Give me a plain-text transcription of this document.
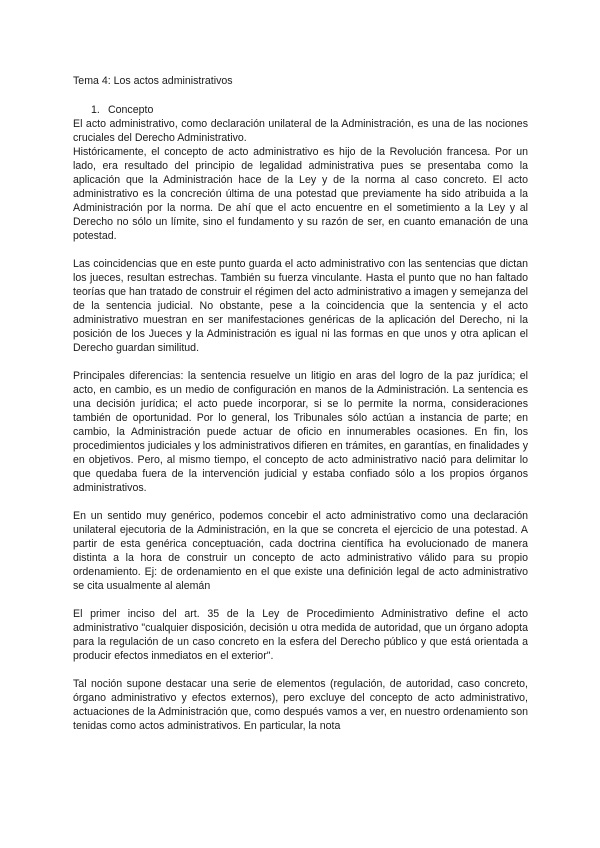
Tema 4: Los actos administrativos
1. Concepto

El acto administrativo, como declaración unilateral de la Administración, es una de las nociones cruciales del Derecho Administrativo.

Históricamente, el concepto de acto administrativo es hijo de la Revolución francesa. Por un lado, era resultado del principio de legalidad administrativa pues se presentaba como la aplicación que la Administración hace de la Ley y de la norma al caso concreto. El acto administrativo es la concreción última de una potestad que previamente ha sido atribuida a la Administración por la norma. De ahí que el acto encuentre en el sometimiento a la Ley y al Derecho no sólo un límite, sino el fundamento y su razón de ser, en cuanto emanación de una potestad.

Las coincidencias que en este punto guarda el acto administrativo con las sentencias que dictan los jueces, resultan estrechas. También su fuerza vinculante. Hasta el punto que no han faltado teorías que han tratado de construir el régimen del acto administrativo a imagen y semejanza del de la sentencia judicial. No obstante, pese a la coincidencia que la sentencia y el acto administrativo muestran en ser manifestaciones genéricas de la aplicación del Derecho, ni la posición de los Jueces y la Administración es igual ni las formas en que unos y otra aplican el Derecho guardan similitud.

Principales diferencias: la sentencia resuelve un litigio en aras del logro de la paz jurídica; el acto, en cambio, es un medio de configuración en manos de la Administración. La sentencia es una decisión jurídica; el acto puede incorporar, si se lo permite la norma, consideraciones también de oportunidad. Por lo general, los Tribunales sólo actúan a instancia de parte; en cambio, la Administración puede actuar de oficio en innumerables ocasiones. En fin, los procedimientos judiciales y los administrativos difieren en trámites, en garantías, en finalidades y en objetivos. Pero, al mismo tiempo, el concepto de acto administrativo nació para delimitar lo que quedaba fuera de la intervención judicial y estaba confiado sólo a los propios órganos administrativos.

En un sentido muy genérico, podemos concebir el acto administrativo como una declaración unilateral ejecutoria de la Administración, en la que se concreta el ejercicio de una potestad. A partir de esta genérica conceptuación, cada doctrina científica ha evolucionado de manera distinta a la hora de construir un concepto de acto administrativo válido para su propio ordenamiento. Ej: de ordenamiento en el que existe una definición legal de acto administrativo se cita usualmente al alemán

El primer inciso del art. 35 de la Ley de Procedimiento Administrativo define el acto administrativo "cualquier disposición, decisión u otra medida de autoridad, que un órgano adopta para la regulación de un caso concreto en la esfera del Derecho público y que está orientada a producir efectos inmediatos en el exterior".

Tal noción supone destacar una serie de elementos (regulación, de autoridad, caso concreto, órgano administrativo y efectos externos), pero excluye del concepto de acto administrativo, actuaciones de la Administración que, como después vamos a ver, en nuestro ordenamiento son tenidas como actos administrativos. En particular, la nota
